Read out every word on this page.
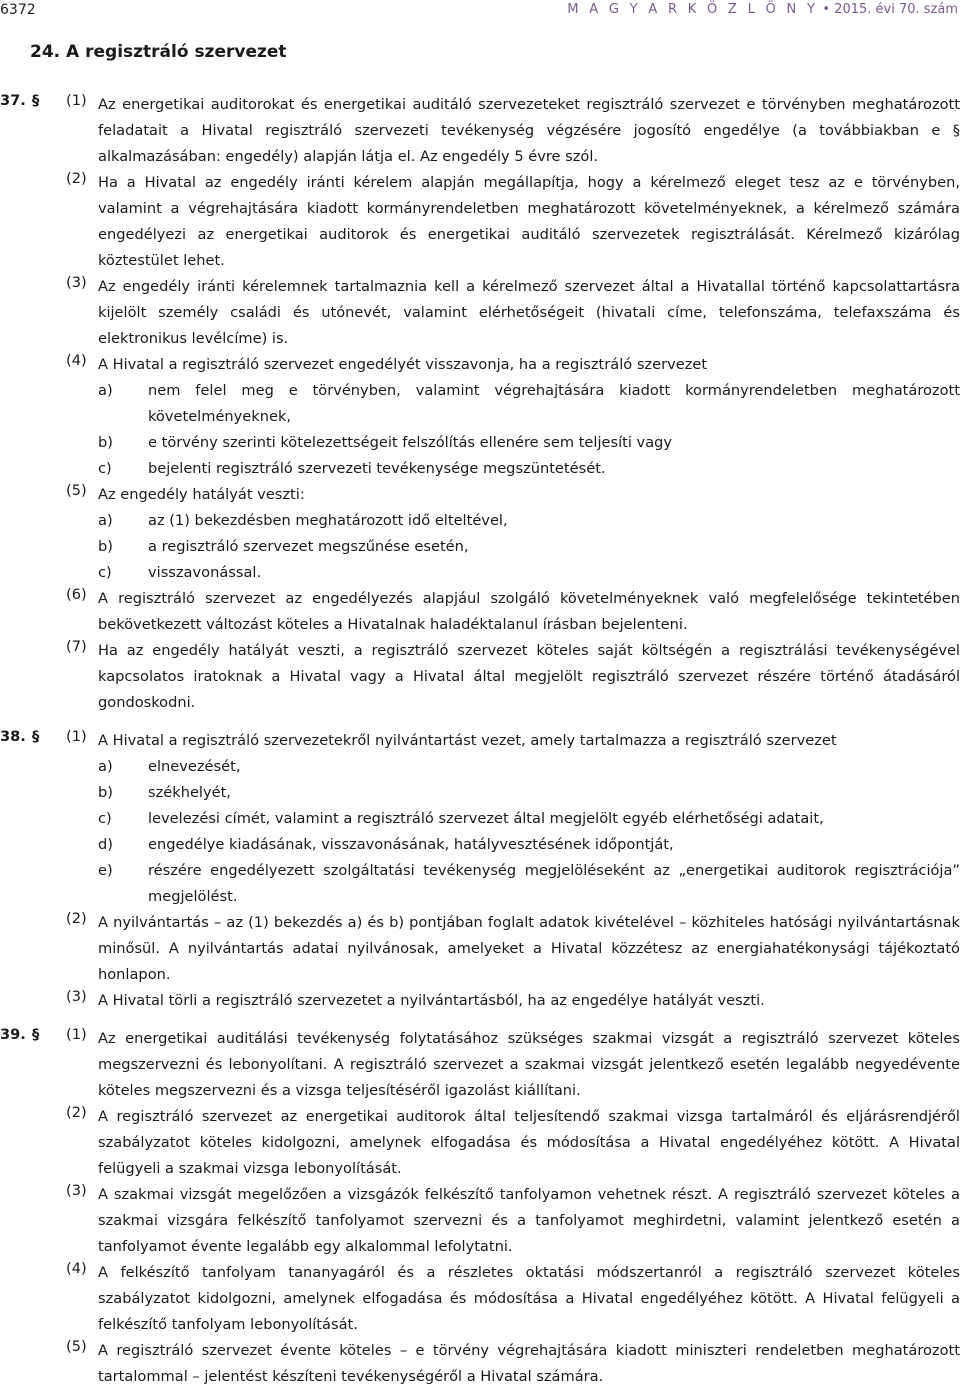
6372	M A G Y A R K Ö Z L Ö N Y • 2015. évi 70. szám
24. A regisztráló szervezet
37. § (1) Az energetikai auditorokat és energetikai auditáló szervezeteket regisztráló szervezet e törvényben meghatározott feladatait a Hivatal regisztráló szervezeti tevékenység végzésére jogosító engedélye (a továbbiakban e § alkalmazásában: engedély) alapján látja el. Az engedély 5 évre szól.
(2) Ha a Hivatal az engedély iránti kérelem alapján megállapítja, hogy a kérelmező eleget tesz az e törvényben, valamint a végrehajtására kiadott kormányrendeletben meghatározott követelményeknek, a kérelmező számára engedélyezi az energetikai auditorok és energetikai auditáló szervezetek regisztrálását. Kérelmező kizárólag köztestület lehet.
(3) Az engedély iránti kérelemnek tartalmaznia kell a kérelmező szervezet által a Hivatallal történő kapcsolattartásra kijelölt személy családi és utónevét, valamint elérhetőségeit (hivatali címe, telefonszáma, telefaxszáma és elektronikus levélcíme) is.
(4) A Hivatal a regisztráló szervezet engedélyét visszavonja, ha a regisztráló szervezet
a) nem felel meg e törvényben, valamint végrehajtására kiadott kormányrendeletben meghatározott követelményeknek,
b) e törvény szerinti kötelezettségeit felszólítás ellenére sem teljesíti vagy
c) bejelenti regisztráló szervezeti tevékenysége megszüntetését.
(5) Az engedély hatályát veszti:
a) az (1) bekezdésben meghatározott idő elteltével,
b) a regisztráló szervezet megszűnése esetén,
c) visszavonással.
(6) A regisztráló szervezet az engedélyezés alapjául szolgáló követelményeknek való megfelelősége tekintetében bekövetkezett változást köteles a Hivatalnak haladéktalanul írásban bejelenteni.
(7) Ha az engedély hatályát veszti, a regisztráló szervezet köteles saját költségén a regisztrálási tevékenységével kapcsolatos iratoknak a Hivatal vagy a Hivatal által megjelölt regisztráló szervezet részére történő átadásáról gondoskodni.
38. § (1) A Hivatal a regisztráló szervezetekről nyilvántartást vezet, amely tartalmazza a regisztráló szervezet
a) elnevezését,
b) székhelyét,
c) levelezési címét, valamint a regisztráló szervezet által megjelölt egyéb elérhetőségi adatait,
d) engedélye kiadásának, visszavonásának, hatályvesztésének időpontját,
e) részére engedélyezett szolgáltatási tevékenység megjelöléseként az „energetikai auditorok regisztrációja” megjelölést.
(2) A nyilvántartás – az (1) bekezdés a) és b) pontjában foglalt adatok kivételével – közhiteles hatósági nyilvántartásnak minősül. A nyilvántartás adatai nyilvánosak, amelyeket a Hivatal közzétesz az energiahatékonysági tájékoztató honlapon.
(3) A Hivatal törli a regisztráló szervezetet a nyilvántartásból, ha az engedélye hatályát veszti.
39. § (1) Az energetikai auditálási tevékenység folytatásához szükséges szakmai vizsgát a regisztráló szervezet köteles megszervezni és lebonyolítani. A regisztráló szervezet a szakmai vizsgát jelentkező esetén legalább negyedévente köteles megszervezni és a vizsga teljesítéséről igazolást kiállítani.
(2) A regisztráló szervezet az energetikai auditorok által teljesítendő szakmai vizsga tartalmáról és eljárásrendjéről szabályzatot köteles kidolgozni, amelynek elfogadása és módosítása a Hivatal engedélyéhez kötött. A Hivatal felügyeli a szakmai vizsga lebonyolítását.
(3) A szakmai vizsgát megelőzően a vizsgázók felkészítő tanfolyamon vehetnek részt. A regisztráló szervezet köteles a szakmai vizsgára felkészítő tanfolyamot szervezni és a tanfolyamot meghirdetni, valamint jelentkező esetén a tanfolyamot évente legalább egy alkalommal lefolytatni.
(4) A felkészítő tanfolyam tananyagáról és a részletes oktatási módszertanról a regisztráló szervezet köteles szabályzatot kidolgozni, amelynek elfogadása és módosítása a Hivatal engedélyéhez kötött. A Hivatal felügyeli a felkészítő tanfolyam lebonyolítását.
(5) A regisztráló szervezet évente köteles – e törvény végrehajtására kiadott miniszteri rendeletben meghatározott tartalommal – jelentést készíteni tevékenységéről a Hivatal számára.
